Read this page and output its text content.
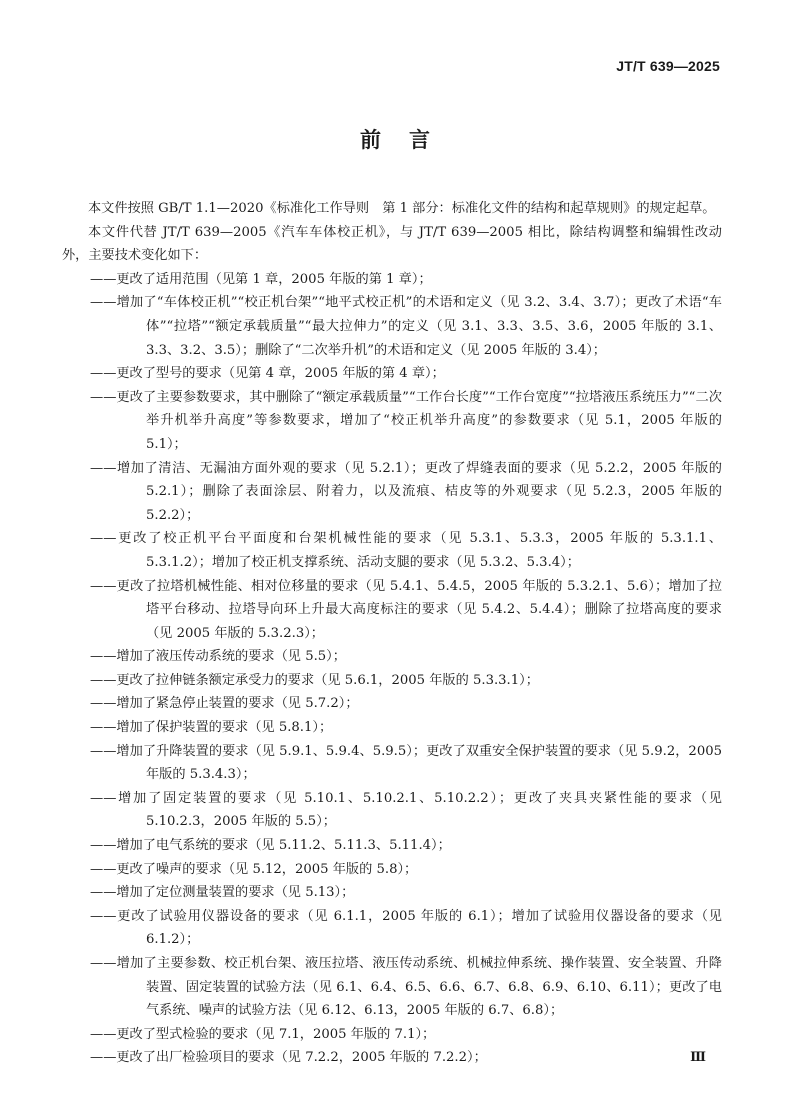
JT/T 639—2025
前言

本文件按照 GB/T 1.1—2020《标准化工作导则　第 1 部分：标准化文件的结构和起草规则》的规定起草。

本文件代替 JT/T 639—2005《汽车车体校正机》，与 JT/T 639—2005 相比，除结构调整和编辑性改动外，主要技术变化如下：

——更改了适用范围（见第 1 章，2005 年版的第 1 章）；

——增加了“车体校正机”“校正机台架”“地平式校正机”的术语和定义（见 3.2、3.4、3.7）；更改了术语“车体”“拉塔”“额定承载质量”“最大拉伸力”的定义（见 3.1、3.3、3.5、3.6，2005 年版的 3.1、3.3、3.2、3.5）；删除了“二次举升机”的术语和定义（见 2005 年版的 3.4）；

——更改了型号的要求（见第 4 章，2005 年版的第 4 章）；

——更改了主要参数要求，其中删除了“额定承载质量”“工作台长度”“工作台宽度”“拉塔液压系统压力”“二次举升机举升高度”等参数要求，增加了“校正机举升高度”的参数要求（见 5.1，2005 年版的 5.1）；

——增加了清洁、无漏油方面外观的要求（见 5.2.1）；更改了焊缝表面的要求（见 5.2.2，2005 年版的 5.2.1）；删除了表面涂层、附着力，以及流痕、桔皮等的外观要求（见 5.2.3，2005 年版的 5.2.2）；

——更改了校正机平台平面度和台架机械性能的要求（见 5.3.1、5.3.3，2005 年版的 5.3.1.1、5.3.1.2）；增加了校正机支撑系统、活动支腿的要求（见 5.3.2、5.3.4）；

——更改了拉塔机械性能、相对位移量的要求（见 5.4.1、5.4.5，2005 年版的 5.3.2.1、5.6）；增加了拉塔平台移动、拉塔导向环上升最大高度标注的要求（见 5.4.2、5.4.4）；删除了拉塔高度的要求（见 2005 年版的 5.3.2.3）；

——增加了液压传动系统的要求（见 5.5）；

——更改了拉伸链条额定承受力的要求（见 5.6.1，2005 年版的 5.3.3.1）；

——增加了紧急停止装置的要求（见 5.7.2）；

——增加了保护装置的要求（见 5.8.1）；

——增加了升降装置的要求（见 5.9.1、5.9.4、5.9.5）；更改了双重安全保护装置的要求（见 5.9.2，2005 年版的 5.3.4.3）；

——增加了固定装置的要求（见 5.10.1、5.10.2.1、5.10.2.2）；更改了夹具夹紧性能的要求（见 5.10.2.3，2005 年版的 5.5）；

——增加了电气系统的要求（见 5.11.2、5.11.3、5.11.4）；

——更改了噪声的要求（见 5.12，2005 年版的 5.8）；

——增加了定位测量装置的要求（见 5.13）；

——更改了试验用仪器设备的要求（见 6.1.1，2005 年版的 6.1）；增加了试验用仪器设备的要求（见 6.1.2）；

——增加了主要参数、校正机台架、液压拉塔、液压传动系统、机械拉伸系统、操作装置、安全装置、升降装置、固定装置的试验方法（见 6.1、6.4、6.5、6.6、6.7、6.8、6.9、6.10、6.11）；更改了电气系统、噪声的试验方法（见 6.12、6.13，2005 年版的 6.7、6.8）；

——更改了型式检验的要求（见 7.1，2005 年版的 7.1）；

——更改了出厂检验项目的要求（见 7.2.2，2005 年版的 7.2.2）；	Ⅲ
